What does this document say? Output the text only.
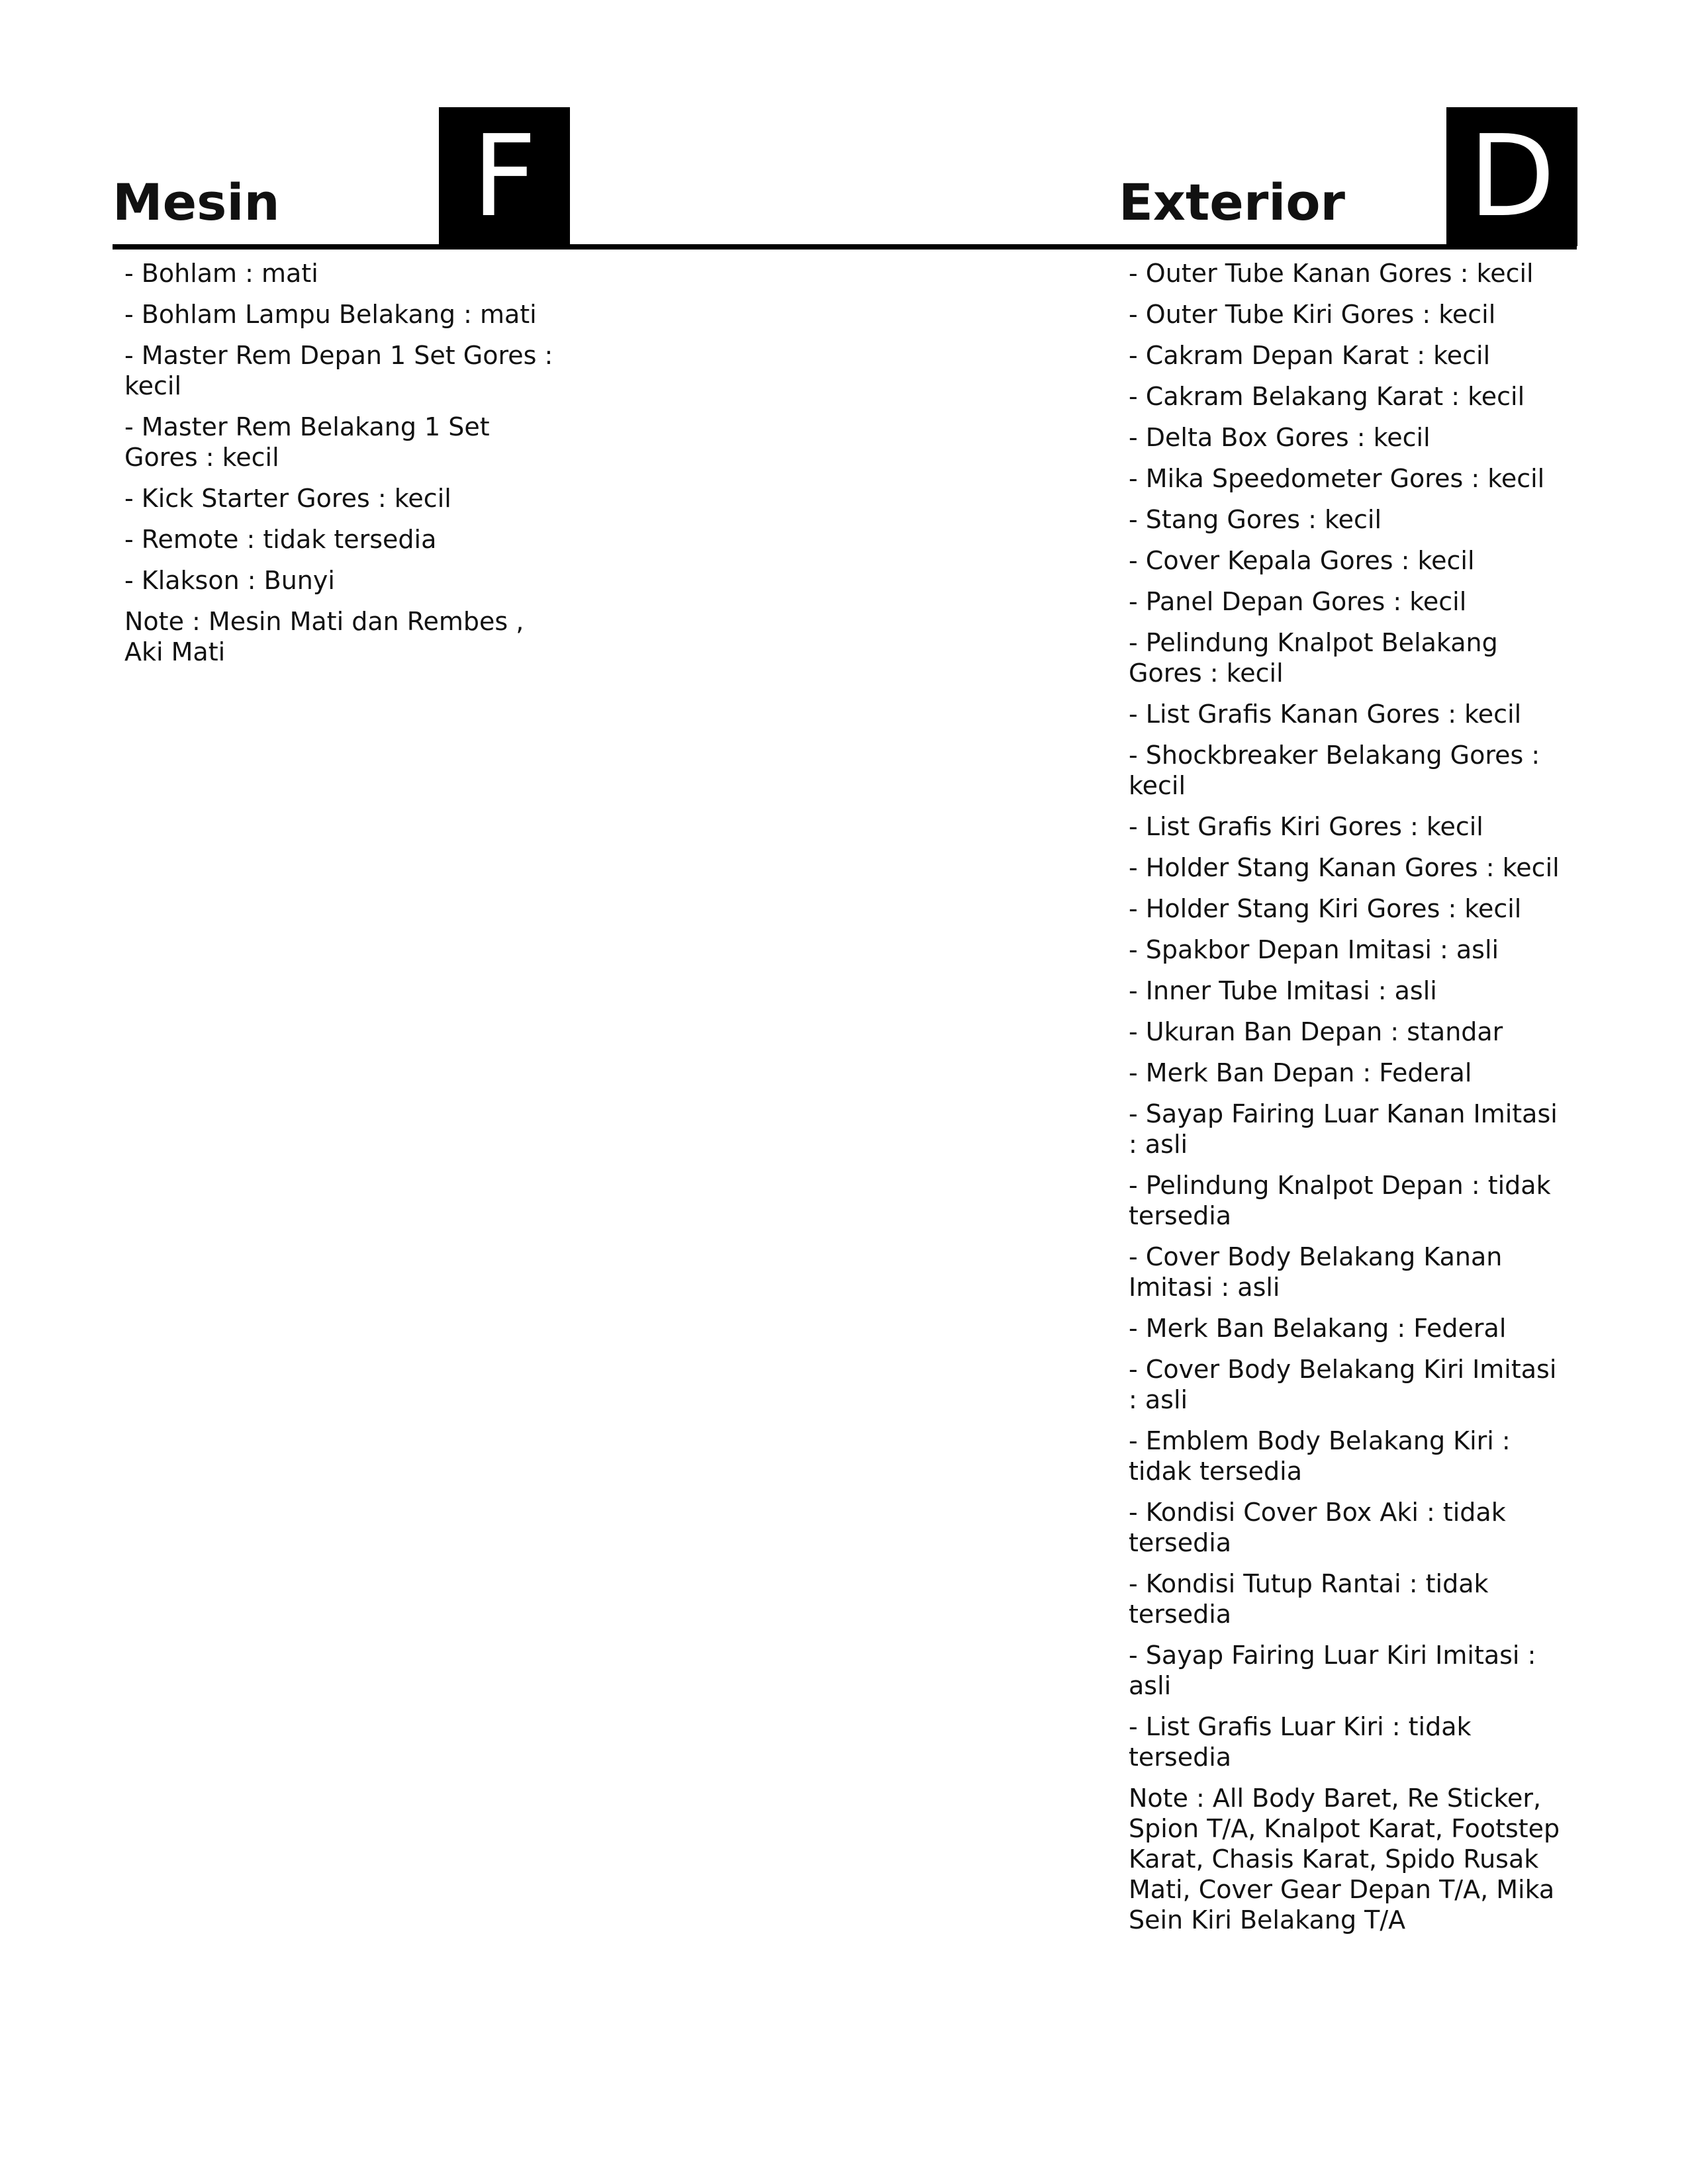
Mesin F	Exterior D
- Bohlam : mati
- Bohlam Lampu Belakang : mati
- Master Rem Depan 1 Set Gores : kecil
- Master Rem Belakang 1 Set Gores : kecil
- Kick Starter Gores : kecil
- Remote : tidak tersedia
- Klakson : Bunyi
Note : Mesin Mati dan Rembes , Aki Mati
- Outer Tube Kanan Gores : kecil
- Outer Tube Kiri Gores : kecil
- Cakram Depan Karat : kecil
- Cakram Belakang Karat : kecil
- Delta Box Gores : kecil
- Mika Speedometer Gores : kecil
- Stang Gores : kecil
- Cover Kepala Gores : kecil
- Panel Depan Gores : kecil
- Pelindung Knalpot Belakang Gores : kecil
- List Grafis Kanan Gores : kecil
- Shockbreaker Belakang Gores : kecil
- List Grafis Kiri Gores : kecil
- Holder Stang Kanan Gores : kecil
- Holder Stang Kiri Gores : kecil
- Spakbor Depan Imitasi : asli
- Inner Tube Imitasi : asli
- Ukuran Ban Depan : standar
- Merk Ban Depan : Federal
- Sayap Fairing Luar Kanan Imitasi : asli
- Pelindung Knalpot Depan : tidak tersedia
- Cover Body Belakang Kanan Imitasi : asli
- Merk Ban Belakang : Federal
- Cover Body Belakang Kiri Imitasi : asli
- Emblem Body Belakang Kiri : tidak tersedia
- Kondisi Cover Box Aki : tidak tersedia
- Kondisi Tutup Rantai : tidak tersedia
- Sayap Fairing Luar Kiri Imitasi : asli
- List Grafis Luar Kiri : tidak tersedia
Note : All Body Baret, Re Sticker, Spion T/A, Knalpot Karat, Footstep Karat, Chasis Karat, Spido Rusak Mati, Cover Gear Depan T/A, Mika Sein Kiri Belakang T/A
